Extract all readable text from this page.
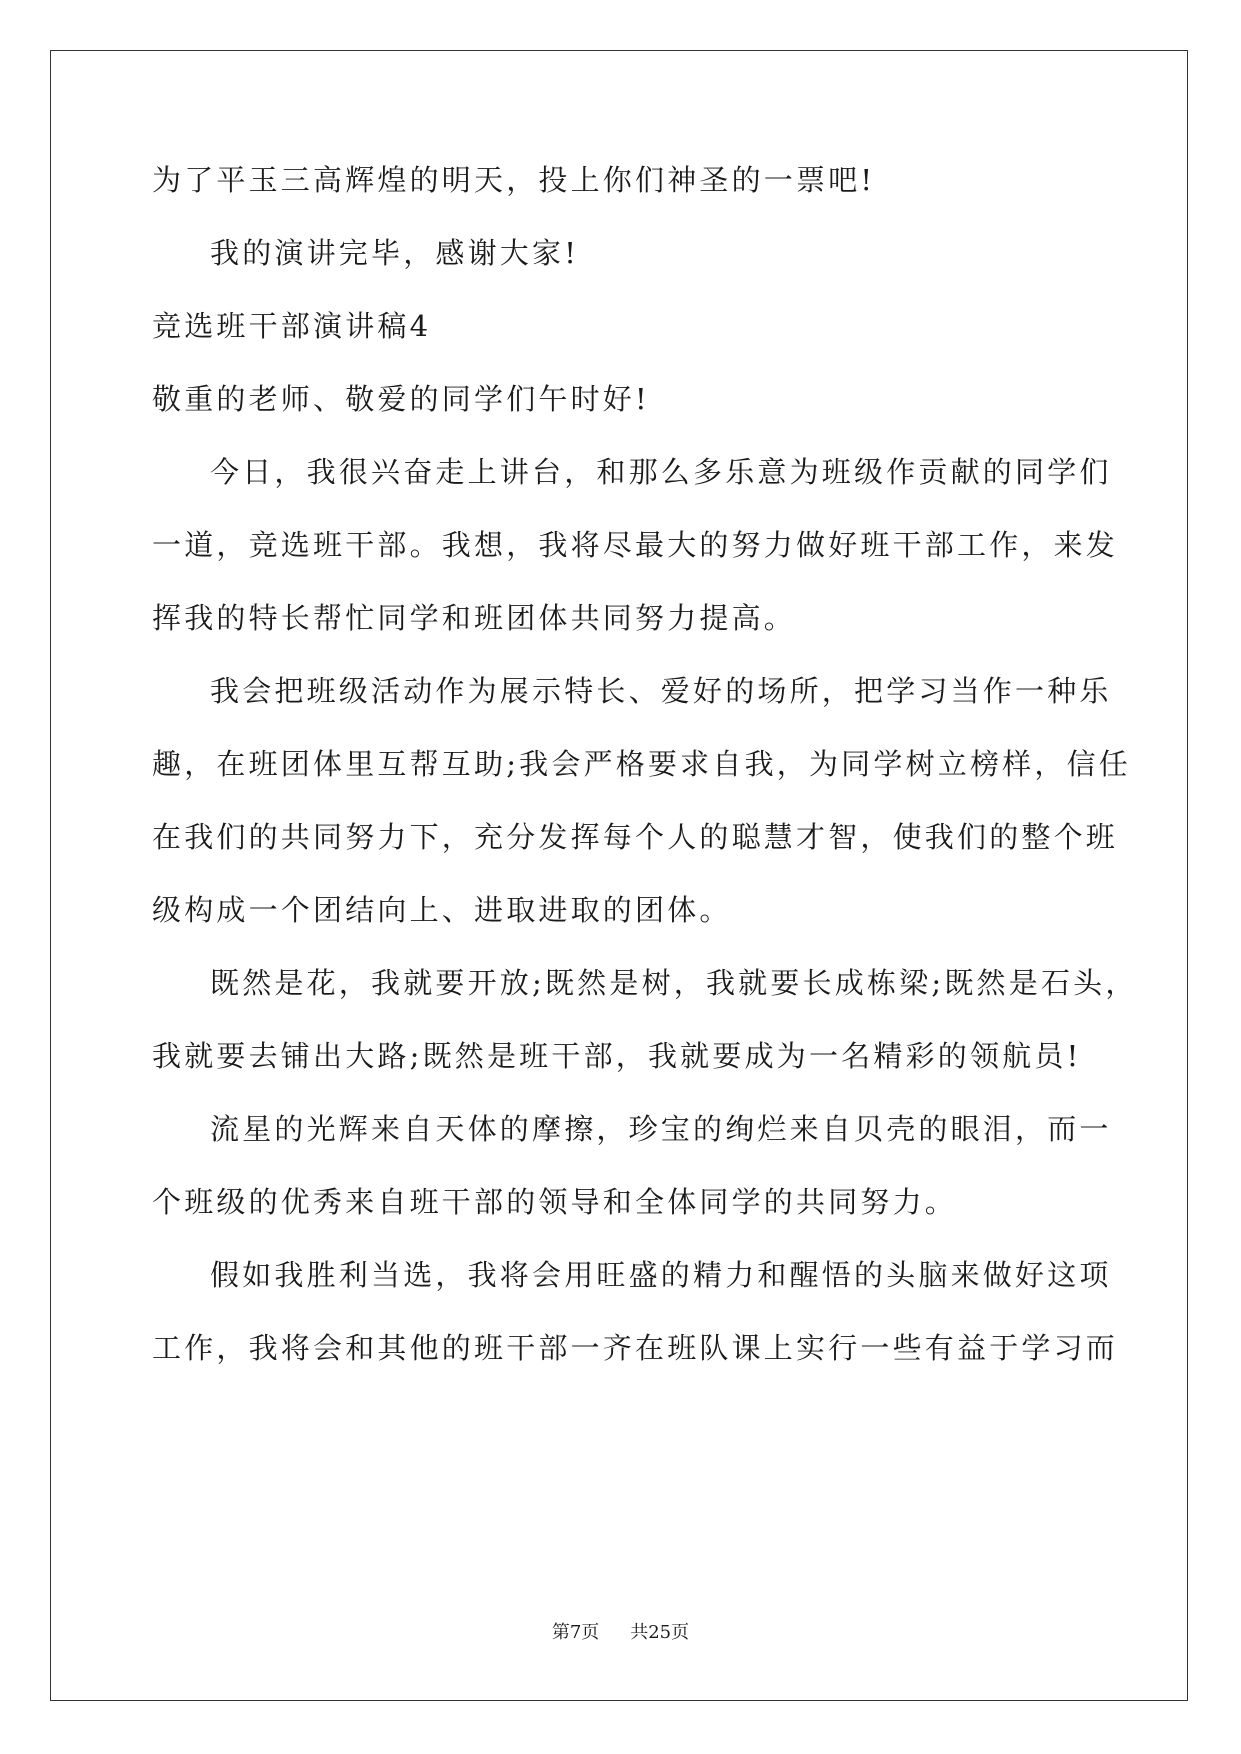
为了平玉三高辉煌的明天，投上你们神圣的一票吧!
我的演讲完毕，感谢大家!
竞选班干部演讲稿4
敬重的老师、敬爱的同学们午时好!
今日，我很兴奋走上讲台，和那么多乐意为班级作贡献的同学们
一道，竞选班干部。我想，我将尽最大的努力做好班干部工作，来发
挥我的特长帮忙同学和班团体共同努力提高。
我会把班级活动作为展示特长、爱好的场所，把学习当作一种乐
趣，在班团体里互帮互助;我会严格要求自我，为同学树立榜样，信任
在我们的共同努力下，充分发挥每个人的聪慧才智，使我们的整个班
级构成一个团结向上、进取进取的团体。
既然是花，我就要开放;既然是树，我就要长成栋梁;既然是石头，
我就要去铺出大路;既然是班干部，我就要成为一名精彩的领航员!
流星的光辉来自天体的摩擦，珍宝的绚烂来自贝壳的眼泪，而一
个班级的优秀来自班干部的领导和全体同学的共同努力。
假如我胜利当选，我将会用旺盛的精力和醒悟的头脑来做好这项
工作，我将会和其他的班干部一齐在班队课上实行一些有益于学习而
第7页 共25页
